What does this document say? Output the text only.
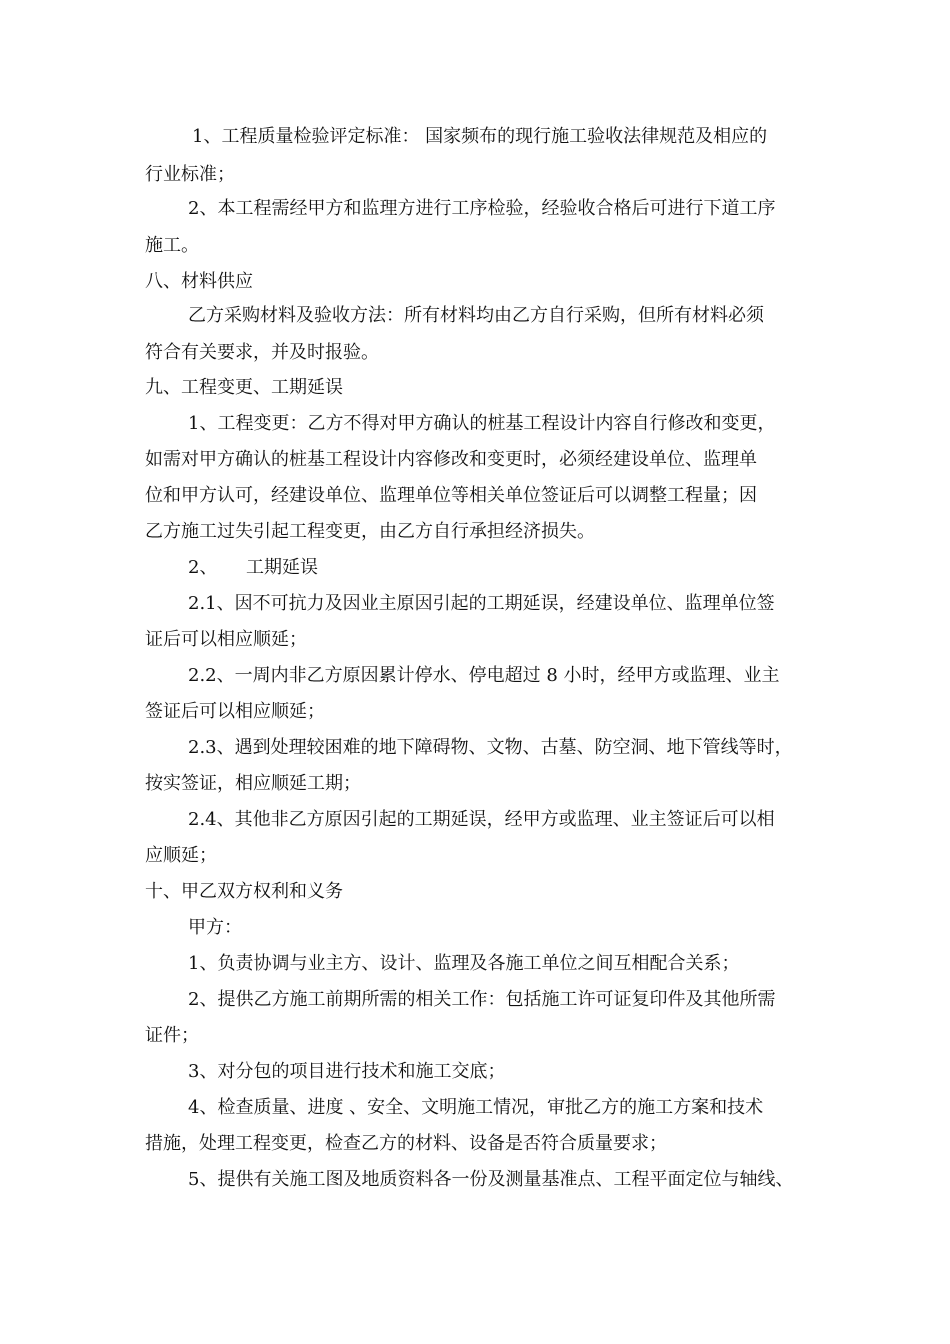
1、工程质量检验评定标准： 国家频布的现行施工验收法律规范及相应的
行业标准；
2、本工程需经甲方和监理方进行工序检验，经验收合格后可进行下道工序
施工。
八、材料供应
乙方采购材料及验收方法：所有材料均由乙方自行采购，但所有材料必须
符合有关要求，并及时报验。
九、工程变更、工期延误
1、工程变更：乙方不得对甲方确认的桩基工程设计内容自行修改和变更，
如需对甲方确认的桩基工程设计内容修改和变更时，必须经建设单位、监理单
位和甲方认可，经建设单位、监理单位等相关单位签证后可以调整工程量；因
乙方施工过失引起工程变更，由乙方自行承担经济损失。
2、     工期延误
2.1、因不可抗力及因业主原因引起的工期延误，经建设单位、监理单位签
证后可以相应顺延；
2.2、一周内非乙方原因累计停水、停电超过 8 小时，经甲方或监理、业主
签证后可以相应顺延；
2.3、遇到处理较困难的地下障碍物、文物、古墓、防空洞、地下管线等时，
按实签证，相应顺延工期；
2.4、其他非乙方原因引起的工期延误，经甲方或监理、业主签证后可以相
应顺延；
十、甲乙双方权利和义务
甲方：
1、负责协调与业主方、设计、监理及各施工单位之间互相配合关系；
2、提供乙方施工前期所需的相关工作：包括施工许可证复印件及其他所需
证件；
3、对分包的项目进行技术和施工交底；
4、检查质量、进度 、安全、文明施工情况，审批乙方的施工方案和技术
措施，处理工程变更，检查乙方的材料、设备是否符合质量要求；
5、提供有关施工图及地质资料各一份及测量基准点、工程平面定位与轴线、
